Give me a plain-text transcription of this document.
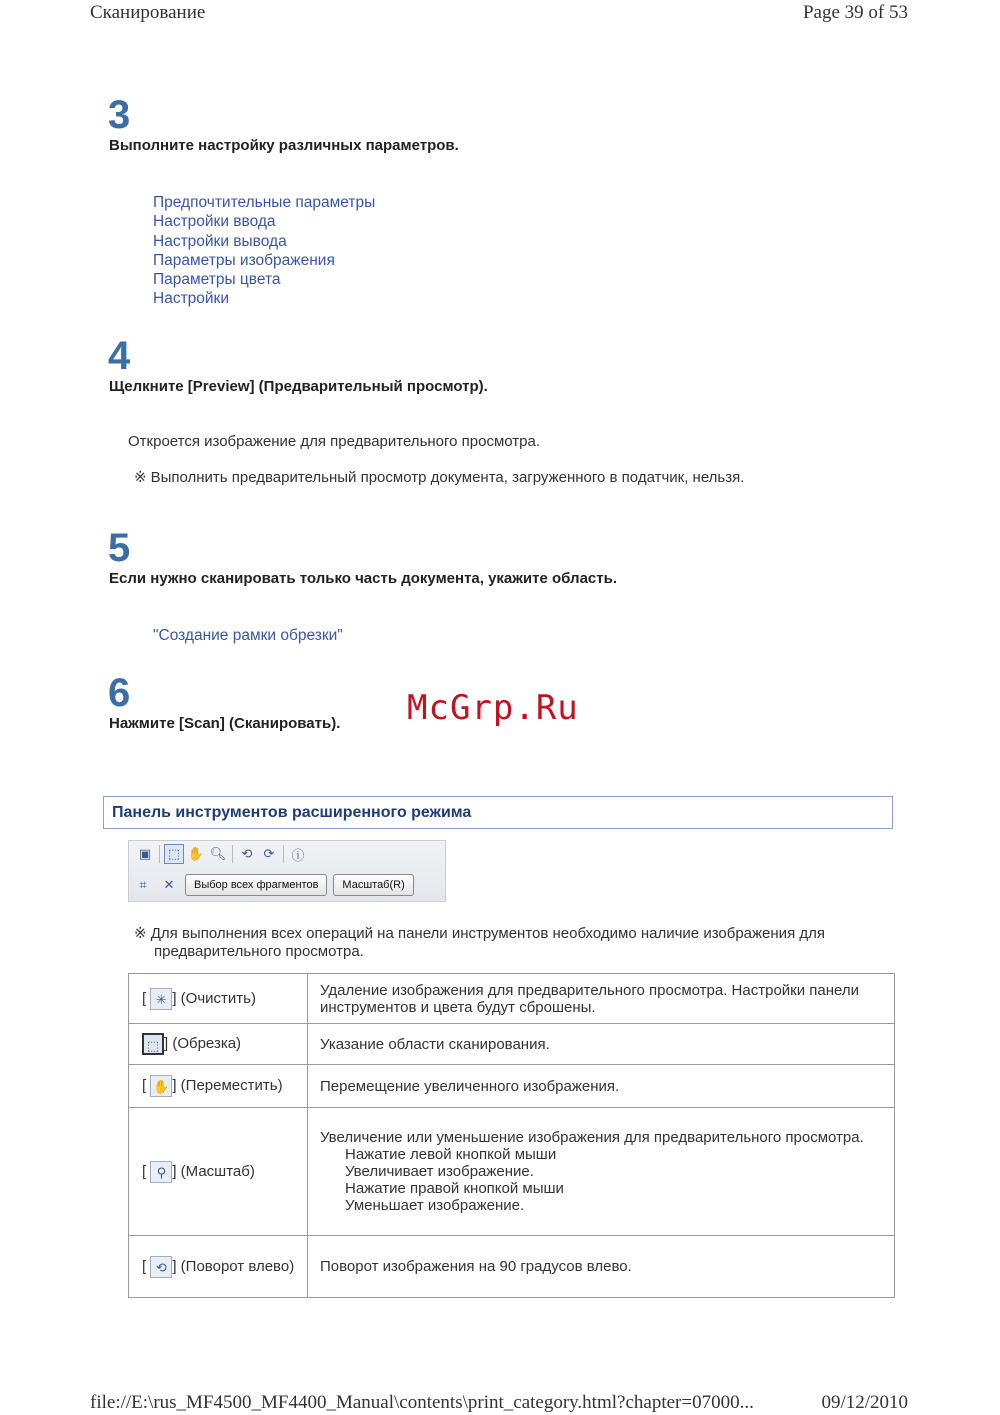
Сканирование	Page 39 of 53
3
Выполните настройку различных параметров.
Предпочтительные параметры
Настройки ввода
Настройки вывода
Параметры изображения
Параметры цвета
Настройки
4
Щелкните [Preview] (Предварительный просмотр).
Откроется изображение для предварительного просмотра.
※ Выполнить предварительный просмотр документа, загруженного в податчик, нельзя.
5
Если нужно сканировать только часть документа, укажите область.
"Создание рамки обрезки"
6
Нажмите [Scan] (Сканировать). McGrp.Ru
Панель инструментов расширенного режима
▣ ⬚ ✋ 🔍︎	⟲ ⟳	ⓘ
⌗	✕	Выбор всех фрагментов	Масштаб(R)
※ Для выполнения всех операций на панели инструментов необходимо наличие изображения для
предварительного просмотра.
[ ✳ ] (Очистить)	Удаление изображения для предварительного просмотра. Настройки панели инструментов и цвета будут сброшены.
⬚ ] (Обрезка)	Указание области сканирования.
[ ✋ ] (Переместить)	Перемещение увеличенного изображения.
[ ⚲ ] (Масштаб)	Увеличение или уменьшение изображения для предварительного просмотра.
Нажатие левой кнопкой мыши
Увеличивает изображение.
Нажатие правой кнопкой мыши
Уменьшает изображение.

[ ⟲ ] (Поворот влево)	Поворот изображения на 90 градусов влево.
file://E:\rus_MF4500_MF4400_Manual\contents\print_category.html?chapter=07000...	09/12/2010
